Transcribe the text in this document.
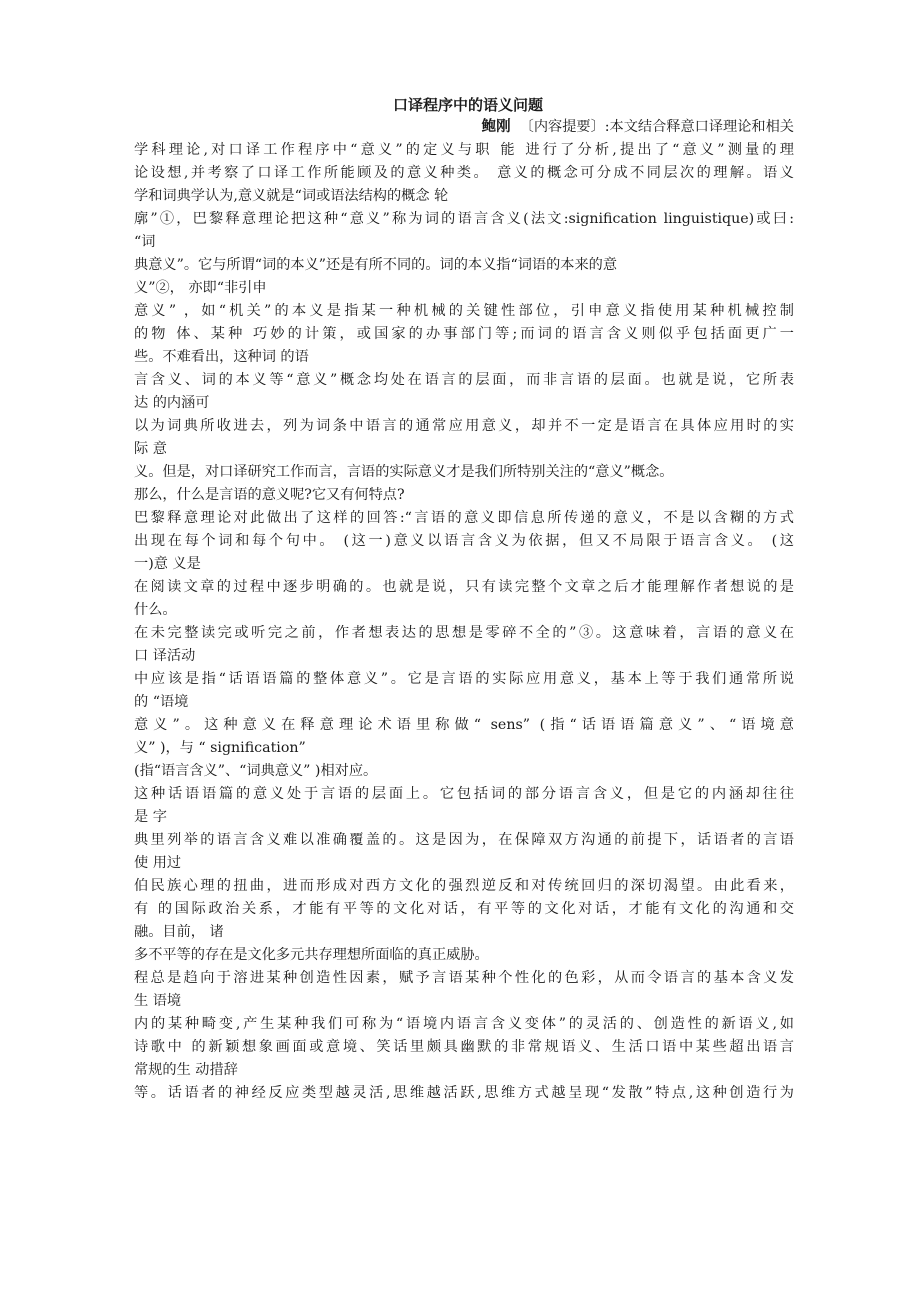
口译程序中的语义问题

鲍刚 〔内容提要〕:本文结合释意口译理论和相关

学科理论,对口译工作程序中“意义”的定义与职 能 进行了分析,提出了“意义”测量的理

论设想,并考察了口译工作所能顾及的意义种类。 意义的概念可分成不同层次的理解。语义

学和词典学认为,意义就是“词或语法结构的概念 轮

廓”①，巴黎释意理论把这种“意义”称为词的语言含义(法文:signification linguistique)或曰:

“词

典意义”。它与所谓“词的本义”还是有所不同的。词的本义指“词语的本来的意

义”②， 亦即“非引申

意义” ，如“机关”的本义是指某一种机械的关键性部位，引申意义指使用某种机械控制

的物 体、某种 巧妙的计策，或国家的办事部门等;而词的语言含义则似乎包括面更广一

些。不难看出，这种词 的语

言含义、词的本义等“意义”概念均处在语言的层面，而非言语的层面。也就是说，它所表

达 的内涵可

以为词典所收进去，列为词条中语言的通常应用意义，却并不一定是语言在具体应用时的实

际 意

义。但是，对口译研究工作而言，言语的实际意义才是我们所特别关注的“意义”概念。

那么，什么是言语的意义呢?它又有何特点?

巴黎释意理论对此做出了这样的回答:“言语的意义即信息所传递的意义，不是以含糊的方式

出现在每个词和每个句中。 (这一)意义以语言含义为依据，但又不局限于语言含义。 (这

一)意 义是

在阅读文章的过程中逐步明确的。也就是说，只有读完整个文章之后才能理解作者想说的是

什么。

在未完整读完或听完之前，作者想表达的思想是零碎不全的”③。这意味着，言语的意义在

口 译活动

中应该是指“话语语篇的整体意义”。它是言语的实际应用意义，基本上等于我们通常所说

的 “语境

意义”。这种意义在释意理论术语里称做“ sens” (指“话语语篇意义”、“语境意

义” )，与 “ signification”

(指“语言含义”、“词典意义” )相对应。

这种话语语篇的意义处于言语的层面上。它包括词的部分语言含义，但是它的内涵却往往

是 字

典里列举的语言含义难以准确覆盖的。这是因为，在保障双方沟通的前提下，话语者的言语

使 用过

伯民族心理的扭曲，进而形成对西方文化的强烈逆反和对传统回归的深切渴望。由此看来，

有 的国际政治关系，才能有平等的文化对话，有平等的文化对话，才能有文化的沟通和交

融。目前， 诸

多不平等的存在是文化多元共存理想所面临的真正威胁。

程总是趋向于溶进某种创造性因素，赋予言语某种个性化的色彩，从而令语言的基本含义发

生 语境

内的某种畸变,产生某种我们可称为“语境内语言含义变体”的灵活的、创造性的新语义,如

诗歌中 的新颖想象画面或意境、笑话里颇具幽默的非常规语义、生活口语中某些超出语言

常规的生 动措辞

等。话语者的神经反应类型越灵活,思维越活跃,思维方式越呈现“发散”特点,这种创造行为
